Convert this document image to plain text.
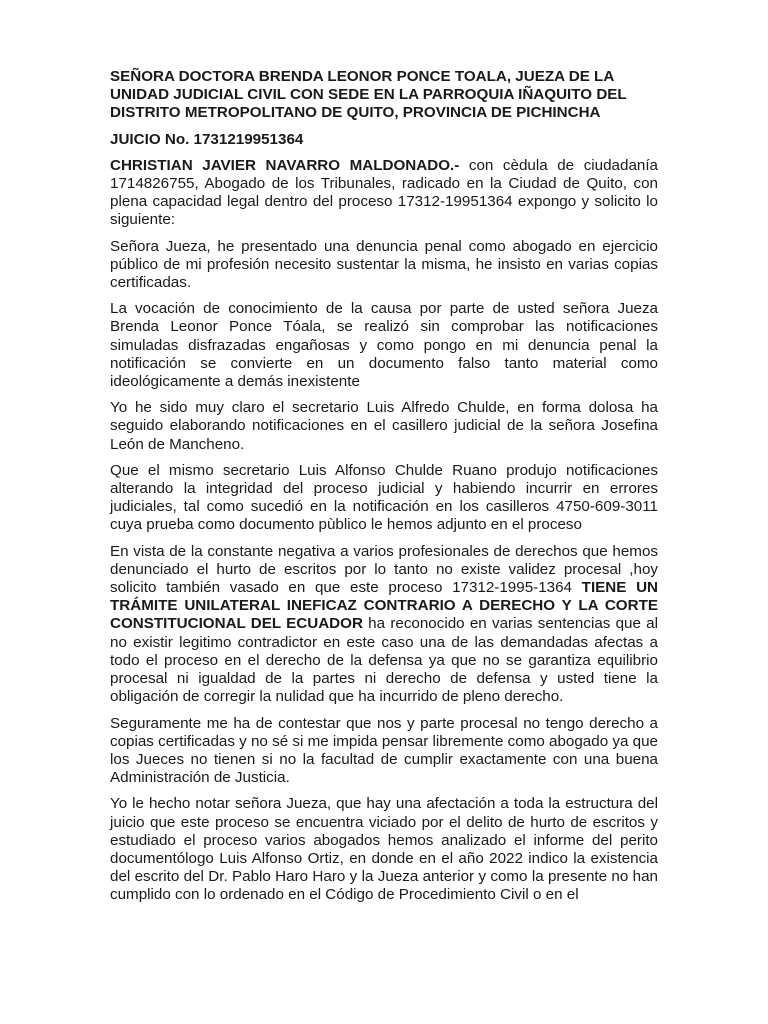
SEÑORA DOCTORA BRENDA LEONOR PONCE TOALA, JUEZA DE LA UNIDAD JUDICIAL CIVIL CON SEDE EN LA PARROQUIA IÑAQUITO DEL DISTRITO METROPOLITANO DE QUITO, PROVINCIA DE PICHINCHA
JUICIO No. 1731219951364

CHRISTIAN JAVIER NAVARRO MALDONADO.- con cèdula de ciudadanía 1714826755, Abogado de los Tribunales, radicado en la Ciudad de Quito, con plena capacidad legal dentro del proceso 17312-19951364 expongo y solicito lo siguiente:

Señora Jueza, he presentado una denuncia penal como abogado en ejercicio público de mi profesión necesito sustentar la misma, he insisto en varias copias certificadas.

La vocación de conocimiento de la causa por parte de usted señora Jueza Brenda Leonor Ponce Tóala, se realizó sin comprobar las notificaciones simuladas disfrazadas engañosas y como pongo en mi denuncia penal la notificación se convierte en un documento falso tanto material como ideológicamente a demás inexistente

Yo he sido muy claro el secretario Luis Alfredo Chulde, en forma dolosa ha seguido elaborando notificaciones en el casillero judicial de la señora Josefina León de Mancheno.

Que el mismo secretario Luis Alfonso Chulde Ruano produjo notificaciones alterando la integridad del proceso judicial y habiendo incurrir en errores judiciales, tal como sucedió en la notificación en los casilleros 4750-609-3011 cuya prueba como documento pùblico le hemos adjunto en el proceso

En vista de la constante negativa a varios profesionales de derechos que hemos denunciado el hurto de escritos por lo tanto no existe validez procesal ,hoy solicito también vasado en que este proceso 17312-1995-1364 TIENE UN TRÁMITE UNILATERAL INEFICAZ CONTRARIO A DERECHO Y LA CORTE CONSTITUCIONAL DEL ECUADOR ha reconocido en varias sentencias que al no existir legitimo contradictor en este caso una de las demandadas afectas a todo el proceso en el derecho de la defensa ya que no se garantiza equilibrio procesal ni igualdad de la partes ni derecho de defensa y usted tiene la obligación de corregir la nulidad que ha incurrido de pleno derecho.

Seguramente me ha de contestar que nos y parte procesal no tengo derecho a copias certificadas y no sé si me impida pensar libremente como abogado ya que los Jueces no tienen si no la facultad de cumplir exactamente con una buena Administración de Justicia.

Yo le hecho notar señora Jueza, que hay una afectación a toda la estructura del juicio que este proceso se encuentra viciado por el delito de hurto de escritos y estudiado el proceso varios abogados hemos analizado el informe del perito documentólogo Luis Alfonso Ortiz, en donde en el año 2022 indico la existencia del escrito del Dr. Pablo Haro Haro y la Jueza anterior y como la presente no han cumplido con lo ordenado en el Código de Procedimiento Civil o en el
